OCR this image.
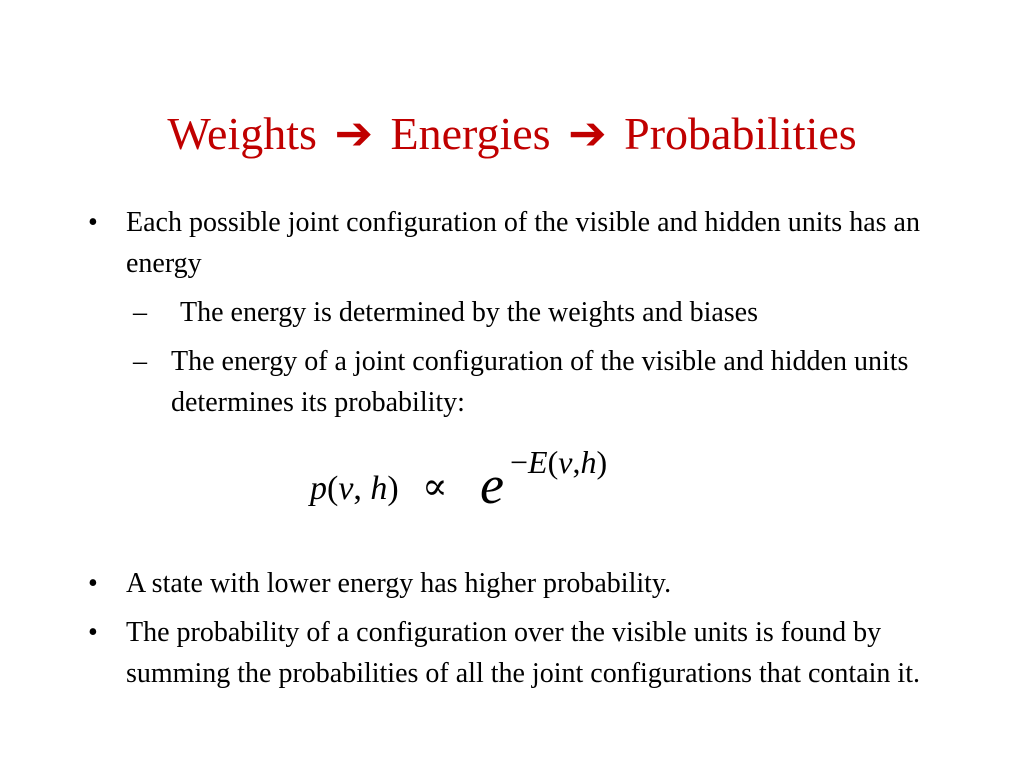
Weights ➔ Energies ➔ Probabilities
• Each possible joint configuration of the visible and hidden units has an energy
– The energy is determined by the weights and biases
– The energy of a joint configuration of the visible and hidden units determines its probability:
p(v, h) ∝ e −E(v,h)
• A state with lower energy has higher probability.
• The probability of a configuration over the visible units is found by summing the probabilities of all the joint configurations that contain it.
